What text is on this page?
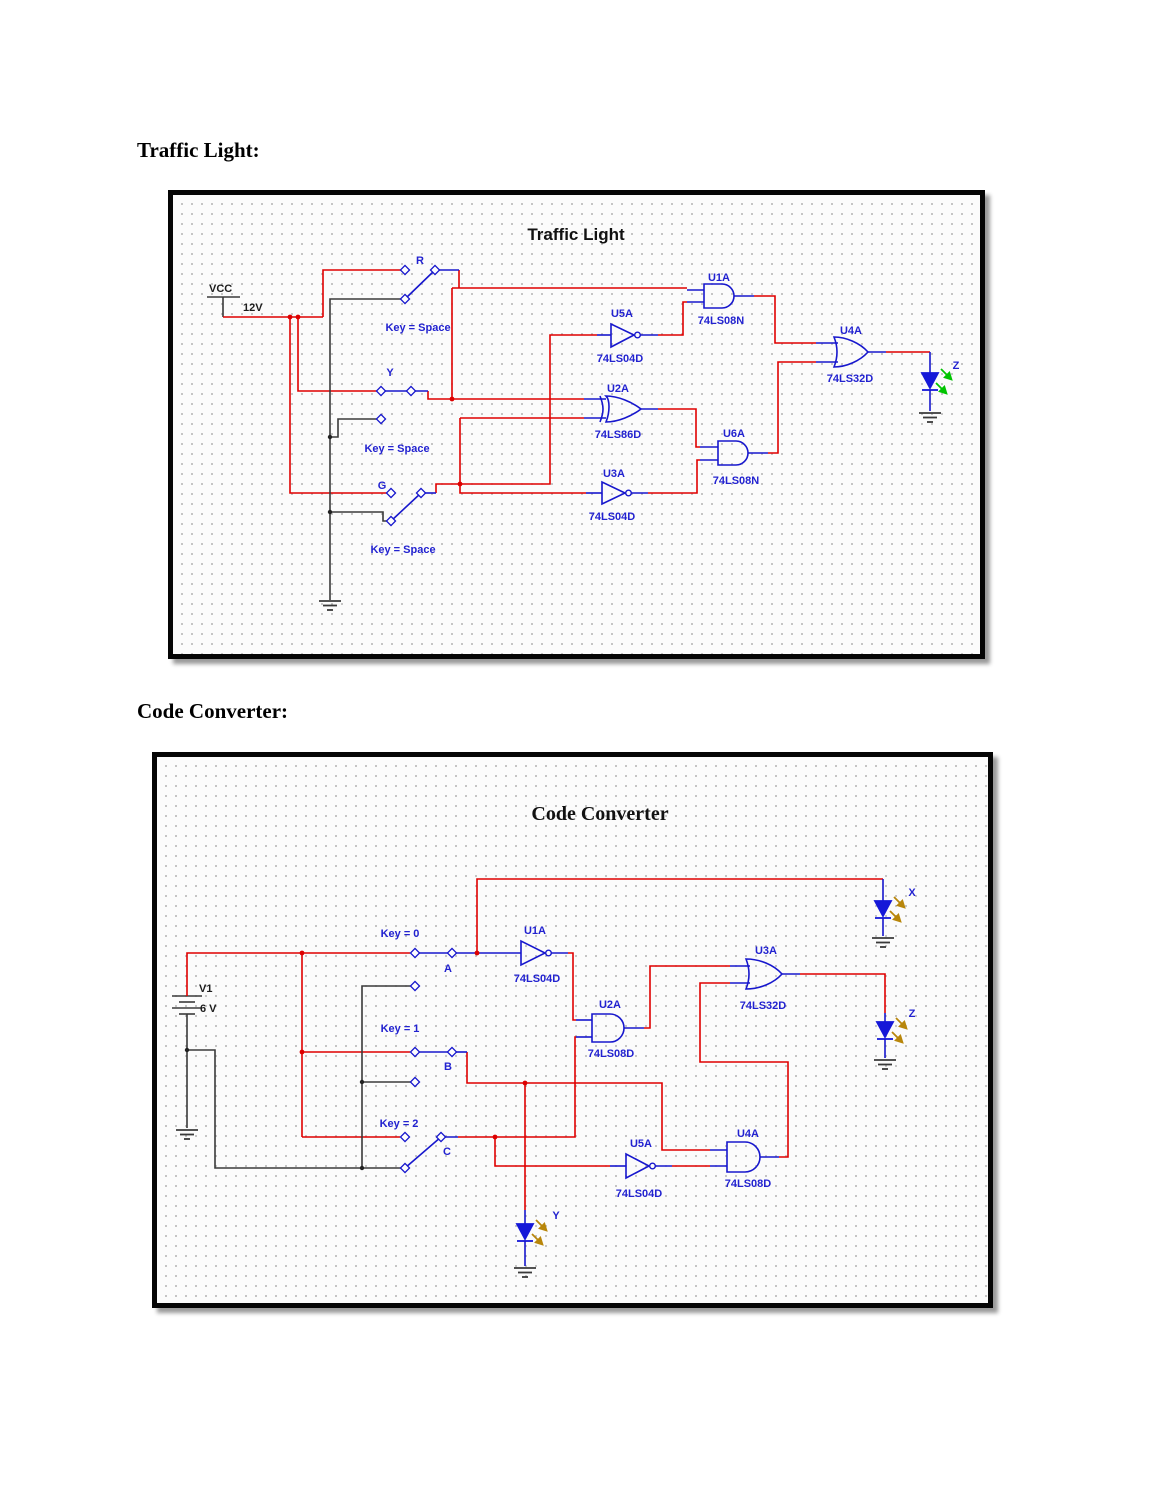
Traffic Light:
Traffic Light
VCC
12V
R
Key = Space
Y
Key = Space
G
Key = Space
U5A
74LS04D
U1A
74LS08N
U2A
74LS86D
U3A
74LS04D
U6A
74LS08N
U4A
74LS32D
Z
Code Converter:
Code Converter
V1
6 V
Key = 0
A
Key = 1
B
Key = 2
C
U1A
74LS04D
U2A
74LS08D
U3A
74LS32D
U5A
74LS04D
U4A
74LS08D
X
Z
Y
